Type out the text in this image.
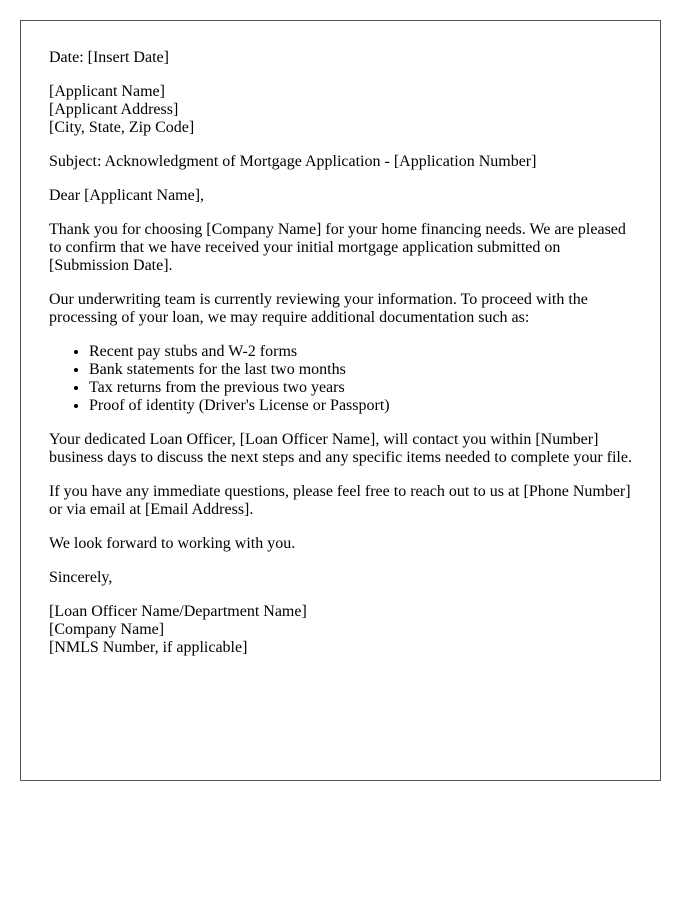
Date: [Insert Date]

[Applicant Name]
[Applicant Address]
[City, State, Zip Code]

Subject: Acknowledgment of Mortgage Application - [Application Number]

Dear [Applicant Name],

Thank you for choosing [Company Name] for your home financing needs. We are pleased to confirm that we have received your initial mortgage application submitted on [Submission Date].

Our underwriting team is currently reviewing your information. To proceed with the processing of your loan, we may require additional documentation such as:

• Recent pay stubs and W-2 forms
• Bank statements for the last two months
• Tax returns from the previous two years
• Proof of identity (Driver's License or Passport)

Your dedicated Loan Officer, [Loan Officer Name], will contact you within [Number] business days to discuss the next steps and any specific items needed to complete your file.

If you have any immediate questions, please feel free to reach out to us at [Phone Number] or via email at [Email Address].

We look forward to working with you.

Sincerely,

[Loan Officer Name/Department Name]
[Company Name]
[NMLS Number, if applicable]
